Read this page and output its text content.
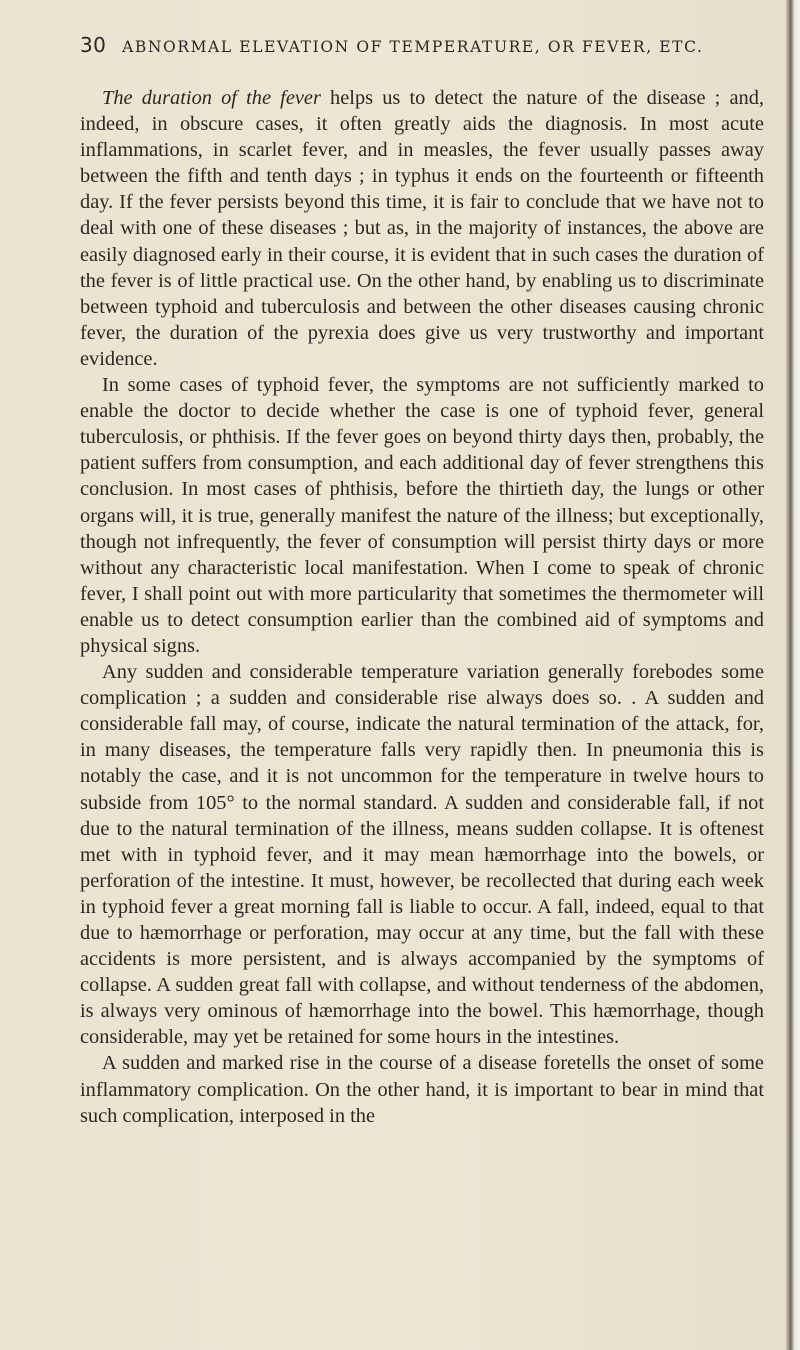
30 ABNORMAL ELEVATION OF TEMPERATURE, OR FEVER, ETC.

The duration of the fever helps us to detect the nature of the disease ; and, indeed, in obscure cases, it often greatly aids the diagnosis. In most acute inflammations, in scarlet fever, and in measles, the fever usually passes away between the fifth and tenth days ; in typhus it ends on the fourteenth or fifteenth day. If the fever persists beyond this time, it is fair to conclude that we have not to deal with one of these diseases ; but as, in the majority of instances, the above are easily diagnosed early in their course, it is evident that in such cases the duration of the fever is of little practical use. On the other hand, by enabling us to discriminate between typhoid and tuberculosis and between the other diseases causing chronic fever, the duration of the pyrexia does give us very trustworthy and important evidence.

In some cases of typhoid fever, the symptoms are not sufficiently marked to enable the doctor to decide whether the case is one of typhoid fever, general tuberculosis, or phthisis. If the fever goes on beyond thirty days then, probably, the patient suffers from consumption, and each additional day of fever strengthens this conclusion. In most cases of phthisis, before the thirtieth day, the lungs or other organs will, it is true, generally manifest the nature of the illness; but exceptionally, though not infrequently, the fever of consumption will persist thirty days or more without any characteristic local manifestation. When I come to speak of chronic fever, I shall point out with more particularity that sometimes the thermometer will enable us to detect consumption earlier than the combined aid of symptoms and physical signs.

Any sudden and considerable temperature variation generally forebodes some complication ; a sudden and considerable rise always does so. . A sudden and considerable fall may, of course, indicate the natural termination of the attack, for, in many diseases, the temperature falls very rapidly then. In pneumonia this is notably the case, and it is not uncommon for the temperature in twelve hours to subside from 105° to the normal standard. A sudden and considerable fall, if not due to the natural termination of the illness, means sudden collapse. It is oftenest met with in typhoid fever, and it may mean hæmorrhage into the bowels, or perforation of the intestine. It must, however, be recollected that during each week in typhoid fever a great morning fall is liable to occur. A fall, indeed, equal to that due to hæmorrhage or perforation, may occur at any time, but the fall with these accidents is more persistent, and is always accompanied by the symptoms of collapse. A sudden great fall with collapse, and without tenderness of the abdomen, is always very ominous of hæmorrhage into the bowel. This hæmorrhage, though considerable, may yet be retained for some hours in the intestines.

A sudden and marked rise in the course of a disease foretells the onset of some inflammatory complication. On the other hand, it is important to bear in mind that such complication, interposed in the
